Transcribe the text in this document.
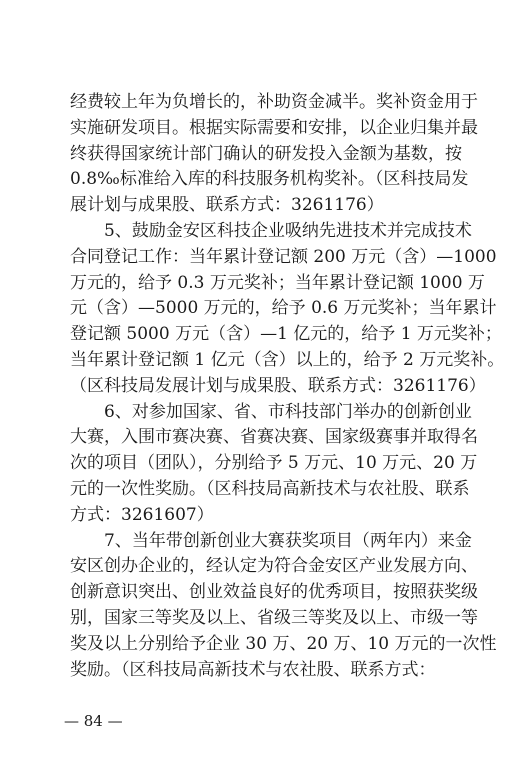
经费较上年为负增长的，补助资金减半。奖补资金用于
实施研发项目。根据实际需要和安排，以企业归集并最
终获得国家统计部门确认的研发投入金额为基数，按
0.8‰标准给入库的科技服务机构奖补。（区科技局发
展计划与成果股、联系方式：3261176）
5、鼓励金安区科技企业吸纳先进技术并完成技术
合同登记工作：当年累计登记额 200 万元（含）—1000
万元的，给予 0.3 万元奖补；当年累计登记额 1000 万
元（含）—5000 万元的，给予 0.6 万元奖补；当年累计
登记额 5000 万元（含）—1 亿元的，给予 1 万元奖补；
当年累计登记额 1 亿元（含）以上的，给予 2 万元奖补。
（区科技局发展计划与成果股、联系方式：3261176）
6、对参加国家、省、市科技部门举办的创新创业
大赛，入围市赛决赛、省赛决赛、国家级赛事并取得名
次的项目（团队），分别给予 5 万元、10 万元、20 万
元的一次性奖励。（区科技局高新技术与农社股、联系
方式：3261607）
7、当年带创新创业大赛获奖项目（两年内）来金
安区创办企业的，经认定为符合金安区产业发展方向、
创新意识突出、创业效益良好的优秀项目，按照获奖级
别，国家三等奖及以上、省级三等奖及以上、市级一等
奖及以上分别给予企业 30 万、20 万、10 万元的一次性
奖励。（区科技局高新技术与农社股、联系方式：
— 84 —
